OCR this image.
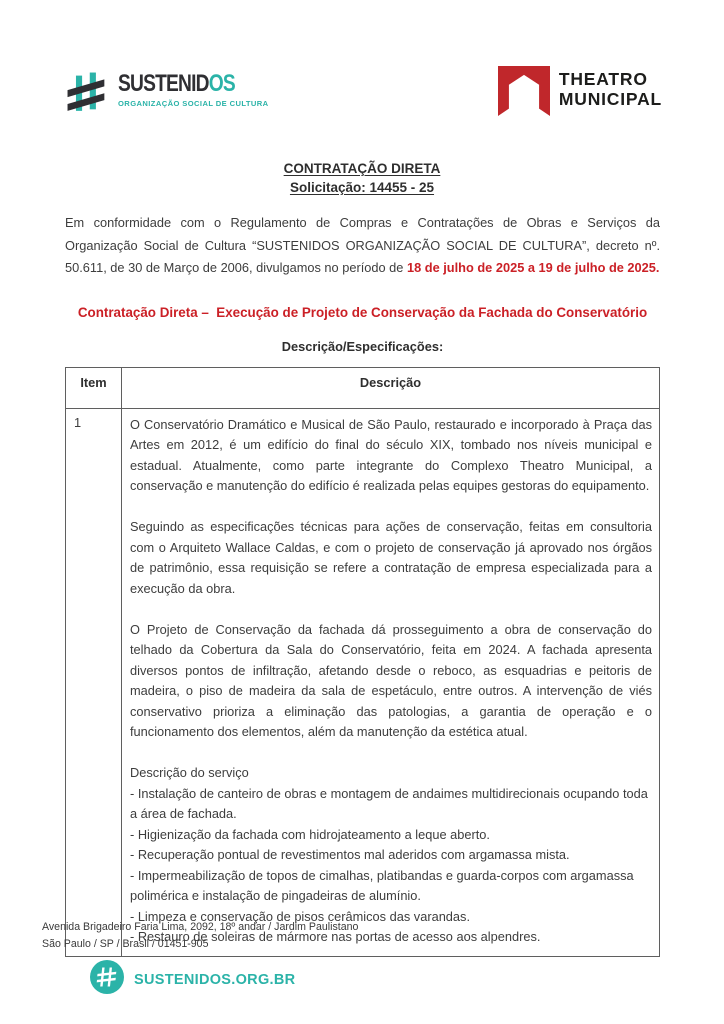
SUSTENIDOS
ORGANIZAÇÃO SOCIAL DE CULTURA
THEATRO
MUNICIPAL
CONTRATAÇÃO DIRETA
Solicitação: 14455 - 25
Em conformidade com o Regulamento de Compras e Contratações de Obras e Serviços da Organização Social de Cultura “SUSTENIDOS ORGANIZAÇÃO SOCIAL DE CULTURA”, decreto nº. 50.611, de 30 de Março de 2006, divulgamos no período de 18 de julho de 2025 a 19 de julho de 2025.
Contratação Direta –  Execução de Projeto de Conservação da Fachada do Conservatório
Descrição/Especificações:
Item	Descrição
1	O Conservatório Dramático e Musical de São Paulo, restaurado e incorporado à Praça das Artes em 2012, é um edifício do final do século XIX, tombado nos níveis municipal e estadual. Atualmente, como parte integrante do Complexo Theatro Municipal, a conservação e manutenção do edifício é realizada pelas equipes gestoras do equipamento.

Seguindo as especificações técnicas para ações de conservação, feitas em consultoria com o Arquiteto Wallace Caldas, e com o projeto de conservação já aprovado nos órgãos de patrimônio, essa requisição se refere a contratação de empresa especializada para a execução da obra.

O Projeto de Conservação da fachada dá prosseguimento a obra de conservação do telhado da Cobertura da Sala do Conservatório, feita em 2024. A fachada apresenta diversos pontos de infiltração, afetando desde o reboco, as esquadrias e peitoris de madeira, o piso de madeira da sala de espetáculo, entre outros. A intervenção de viés conservativo prioriza a eliminação das patologias, a garantia de operação e o funcionamento dos elementos, além da manutenção da estética atual.

Descrição do serviço
- Instalação de canteiro de obras e montagem de andaimes multidirecionais ocupando toda a área de fachada.
- Higienização da fachada com hidrojateamento a leque aberto.
- Recuperação pontual de revestimentos mal aderidos com argamassa mista.
- Impermeabilização de topos de cimalhas, platibandas e guarda-corpos com argamassa polimérica e instalação de pingadeiras de alumínio.
- Limpeza e conservação de pisos cerâmicos das varandas.
- Restauro de soleiras de mármore nas portas de acesso aos alpendres.
Avenida Brigadeiro Faria Lima, 2092, 18º andar / Jardim Paulistano
São Paulo / SP / Brasil / 01451-905
SUSTENIDOS.ORG.BR
